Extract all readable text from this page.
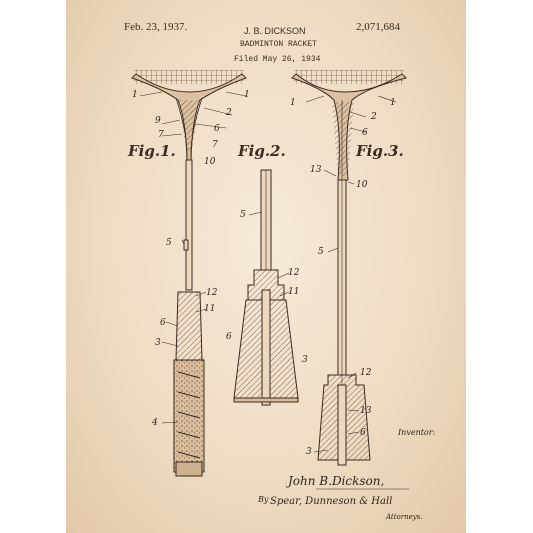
Feb. 23, 1937.	J. B. DICKSON	2,071,684
BADMINTON RACKET
Filed May 26, 1934
Fig.1.	Fig.2.	Fig.3.
1	1
2
9
6
7
7
10
5
12
11
6
3
4
5
12
11
6
3
1	1
2
6
13
10
5
12
13
6
3
Inventor:
John B.Dickson,
By Spear, Dunneson & Hall
Attorneys.
